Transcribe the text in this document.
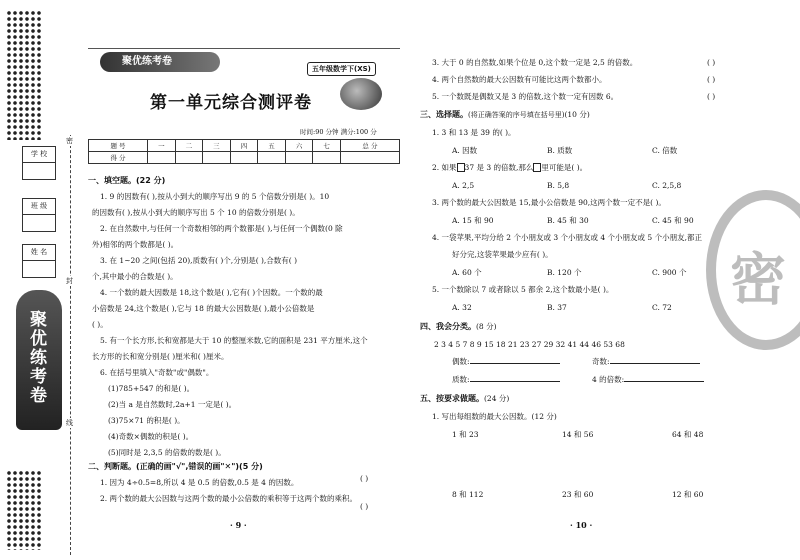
学 校
班 级
姓 名
密
封
线
聚优练考卷
聚优练考卷
五年级数学下(XS)
第一单元综合测评卷
时间:90 分钟 满分:100 分
题 号	一	二	三	四	五	六	七	总 分
得 分								
一、填空题。(22 分)
1. 9 的因数有( ),按从小到大的顺序写出 9 的 5 个倍数分别是( )。10
的因数有( ),按从小到大的顺序写出 5 个 10 的倍数分别是( )。
2. 在自然数中,与任何一个奇数相邻的两个数都是( ),与任何一个偶数(0 除
外)相邻的两个数都是( )。
3. 在 1~20 之间(包括 20),质数有( )个,分别是( ),合数有( )
个,其中最小的合数是( )。
4. 一个数的最大因数是 18,这个数是( ),它有( )个因数。一个数的最
小倍数是 24,这个数是( ),它与 18 的最大公因数是( ),最小公倍数是
( )。
5. 有一个长方形,长和宽都是大于 10 的整厘米数,它的面积是 231 平方厘米,这个
长方形的长和宽分别是( )厘米和( )厘米。
6. 在括号里填入"奇数"或"偶数"。
(1)785+547 的和是( )。
(2)当 a 是自然数时,2a+1 一定是( )。
(3)75×71 的积是( )。
(4)奇数×偶数的积是( )。
(5)同时是 2,3,5 的倍数的数是( )。
二、判断题。(正确的画"√",错误的画"✕")(5 分)
1. 因为 4÷0.5=8,所以 4 是 0.5 的倍数,0.5 是 4 的因数。
2. 两个数的最大公因数与这两个数的最小公倍数的乘积等于这两个数的乘积。
( )
( )
· 9 ·
3. 大于 0 的自然数,如果个位是 0,这个数一定是 2,5 的倍数。	( )
4. 两个自然数的最大公因数有可能比这两个数都小。	( )
5. 一个数既是偶数又是 3 的倍数,这个数一定有因数 6。	( )
三、选择题。(将正确答案的序号填在括号里)(10 分)
1. 3 和 13 是 39 的( )。
A. 因数	B. 质数	C. 倍数
2. 如果 37 是 3 的倍数,那么 里可能是( )。
A. 2,5	B. 5,8	C. 2,5,8
3. 两个数的最大公因数是 15,最小公倍数是 90,这两个数一定不是( )。
A. 15 和 90	B. 45 和 30	C. 45 和 90
4. 一袋苹果,平均分给 2 个小朋友或 3 个小朋友或 4 个小朋友或 5 个小朋友,都正
好分完,这袋苹果最少应有( )。
A. 60 个	B. 120 个	C. 900 个
5. 一个数除以 7 或者除以 5 都余 2,这个数最小是( )。
A. 32	B. 37	C. 72
四、我会分类。(8 分)
2 3 4 5 7 8 9 15 18 21 23 27 29 32 41 44 46 53 68
偶数:	奇数:
质数:	4 的倍数:
五、按要求做题。(24 分)
1. 写出每组数的最大公因数。(12 分)
1 和 23	14 和 56	64 和 48
8 和 112	23 和 60	12 和 60
· 10 ·
密
